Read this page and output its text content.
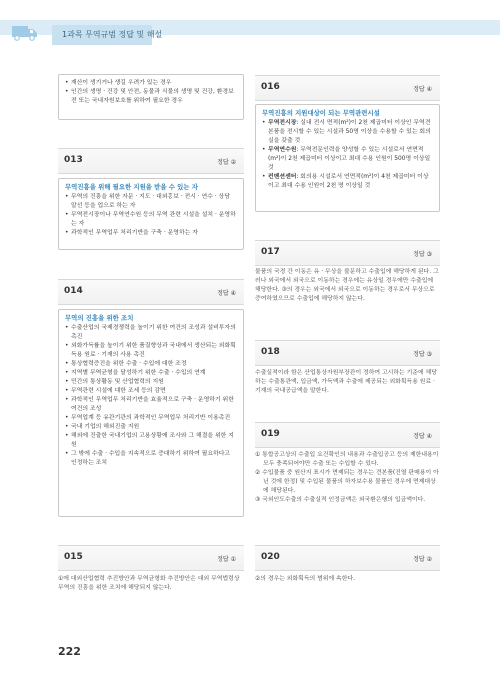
1과목 무역규범 정답 및 해설
• 재산이 생기거나 생길 우려가 있는 경우
• 인간의 생명 · 건강 및 안전, 동물과 식물의 생명 및 건강, 환경보전 또는 국내자원보호를 위하여 필요한 경우
013	정답 ②
무역진흥을 위해 필요한 지원을 받을 수 있는 자
• 무역의 진흥을 위한 자문 · 지도 · 대외홍보 · 전시 · 연수 · 상담 알선 등을 업으로 하는 자
• 무역전시장이나 무역연수원 등의 무역 관련 시설을 설치 · 운영하는 자
• 과학적인 무역업무 처리기반을 구축 · 운영하는 자
014	정답 ④
무역의 진흥을 위한 조치
• 수출산업의 국제경쟁력을 높이기 위한 여건의 조성과 설비투자의 촉진
• 외화가득률을 높이기 위한 품질향상과 국내에서 생산되는 외화획득용 원료 · 기재의 사용 촉진
• 통상협력증진을 위한 수출 · 수입에 대한 조정
• 지역별 무역균형을 달성하기 위한 수출 · 수입의 연계
• 민간의 통상활동 및 산업협력의 지원
• 무역관련 시설에 대한 조세 등의 감면
• 과학적인 무역업무 처리기반을 효율적으로 구축 · 운영하기 위한 여건의 조성
• 무역업계 등 유관기관의 과학적인 무역업무 처리기반 이용촉진
• 국내 기업의 해외진출 지원
• 해외에 진출한 국내기업의 고용상황에 조사와 그 해결을 위한 지원
• 그 밖에 수출 · 수입을 지속적으로 증대하기 위하여 필요하다고 인정하는 조치
015	정답 ①
①에 대외산업협력 추진방안과 무역균형화 추진방안은 대외 무역법령상 무역의 진흥을 위한 조치에 해당되지 않는다.
016	정답 ④
무역진흥의 지원대상이 되는 무역관련시설
• 무역전시장: 실내 전시 면적(m²)이 2천 제곱미터 이상인 무역견본품을 전시할 수 있는 시설과 50명 이상을 수용할 수 있는 회의실을 갖출 것
• 무역연수원: 무역전문인력을 양성할 수 있는 시설로서 연면적(m²)이 2천 제곱미터 이상이고 최대 수용 인원이 500명 이상일 것
• 컨벤션센터: 회의용 시설로서 연면적(m²)이 4천 제곱미터 이상이고 최대 수용 인원이 2천 명 이상일 것
017	정답 ③
물품의 국경 간 이동은 유 · 무상을 불문하고 수출입에 해당하게 된다. 그러나 외국에서 외국으로 이동하는 경우에는 유상일 경우에만 수출입에 해당한다. ③의 경우는 외국에서 외국으로 이동하는 경우로서 무상으로 증여하였으므로 수출입에 해당하지 않는다.
018	정답 ③
수출실적이라 함은 산업통상자원부장관이 정하여 고시하는 기준에 해당하는 수출통관액, 입금액, 가득액과 수출에 제공되는 외화획득용 원료 · 기재의 국내공급액을 말한다.
019	정답 ④
① 통합공고상의 수출입 요건확인의 내용과 수출입공고 등의 제한내용이 모두 충족되어야만 수출 또는 수입할 수 있다.
② 수입물품 중 원산지 표시가 면제되는 경우는 견본품(진열 판매용이 아닌 것에 한정) 및 수입된 물품의 하자보수용 물품인 경우에 면제대상에 해당된다.
③ 국외인도수출의 수출실적 인정금액은 외국환은행의 입금액이다.
020	정답 ②
②의 경우는 외화획득의 범위에 속한다.
222
